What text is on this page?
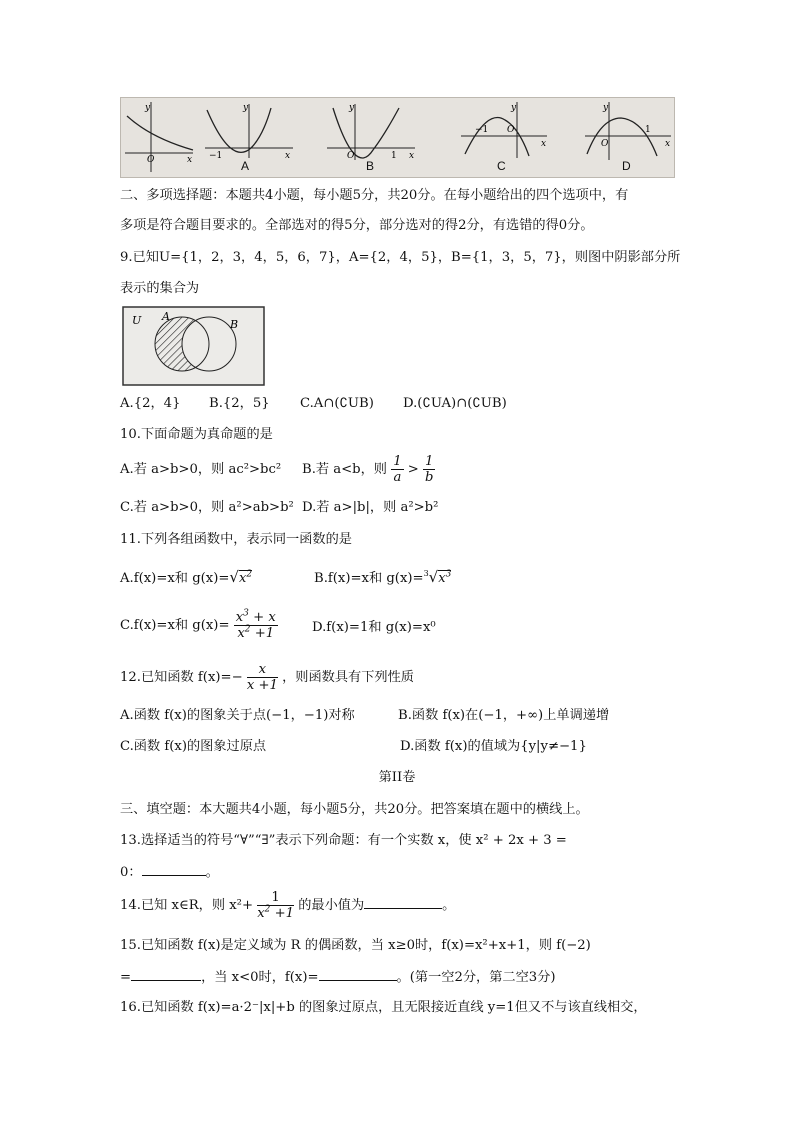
O
y
x
y
x
−1
y
x
O	1
y
x
−1 O
y
x
O
1
A	B	C	D
二、多项选择题：本题共4小题，每小题5分，共20分。在每小题给出的四个选项中，有
多项是符合题目要求的。全部选对的得5分，部分选对的得2分，有选错的得0分。
9.已知U={1，2，3，4，5，6，7}，A={2，4，5}，B={1，3，5，7}，则图中阴影部分所
表示的集合为
U A
B
A.{2，4} B.{2，5} C.A∩(∁UB) D.(∁UA)∩(∁UB)
10.下面命题为真命题的是
A.若 a>b>0，则 ac²>bc² B.若 a<b，则 $\frac{1}{a} > \frac{1}{b}$
C.若 a>b>0，则 a²>ab>b² D.若 a>|b|，则 a²>b²
11.下列各组函数中，表示同一函数的是
A.f(x)=x和 $g(x)=√x^2$	B.f(x)=x和 $g(x)=^3√x^3$
C.f(x)=x和 $g(x)= \frac{x^3 + x}{x^2 +1}$	D.f(x)=1和 g(x)=x⁰
12.已知函数 $f(x)=- \frac{x}{x +1}$ ，则函数具有下列性质
A.函数 f(x)的图象关于点(−1，−1)对称	B.函数 f(x)在(−1，+∞)上单调递增
C.函数 f(x)的图象过原点	D.函数 f(x)的值域为{y|y≠−1}
第II卷
三、填空题：本大题共4小题，每小题5分，共20分。把答案填在题中的横线上。
13.选择适当的符号“∀”“∃”表示下列命题：有一个实数 x，使 x² + 2x + 3 =
0：	。
14.已知 x∈R，则 $x^2+ \frac{1}{x^2 +1}$ 的最小值为	。
15.已知函数 f(x)是定义域为 R 的偶函数，当 x≥0时，f(x)=x²+x+1，则 f(−2)
=	，当 x<0时，f(x)=	。(第一空2分，第二空3分)
16.已知函数 f(x)=a·2⁻|x|+b 的图象过原点，且无限接近直线 y=1但又不与该直线相交，
